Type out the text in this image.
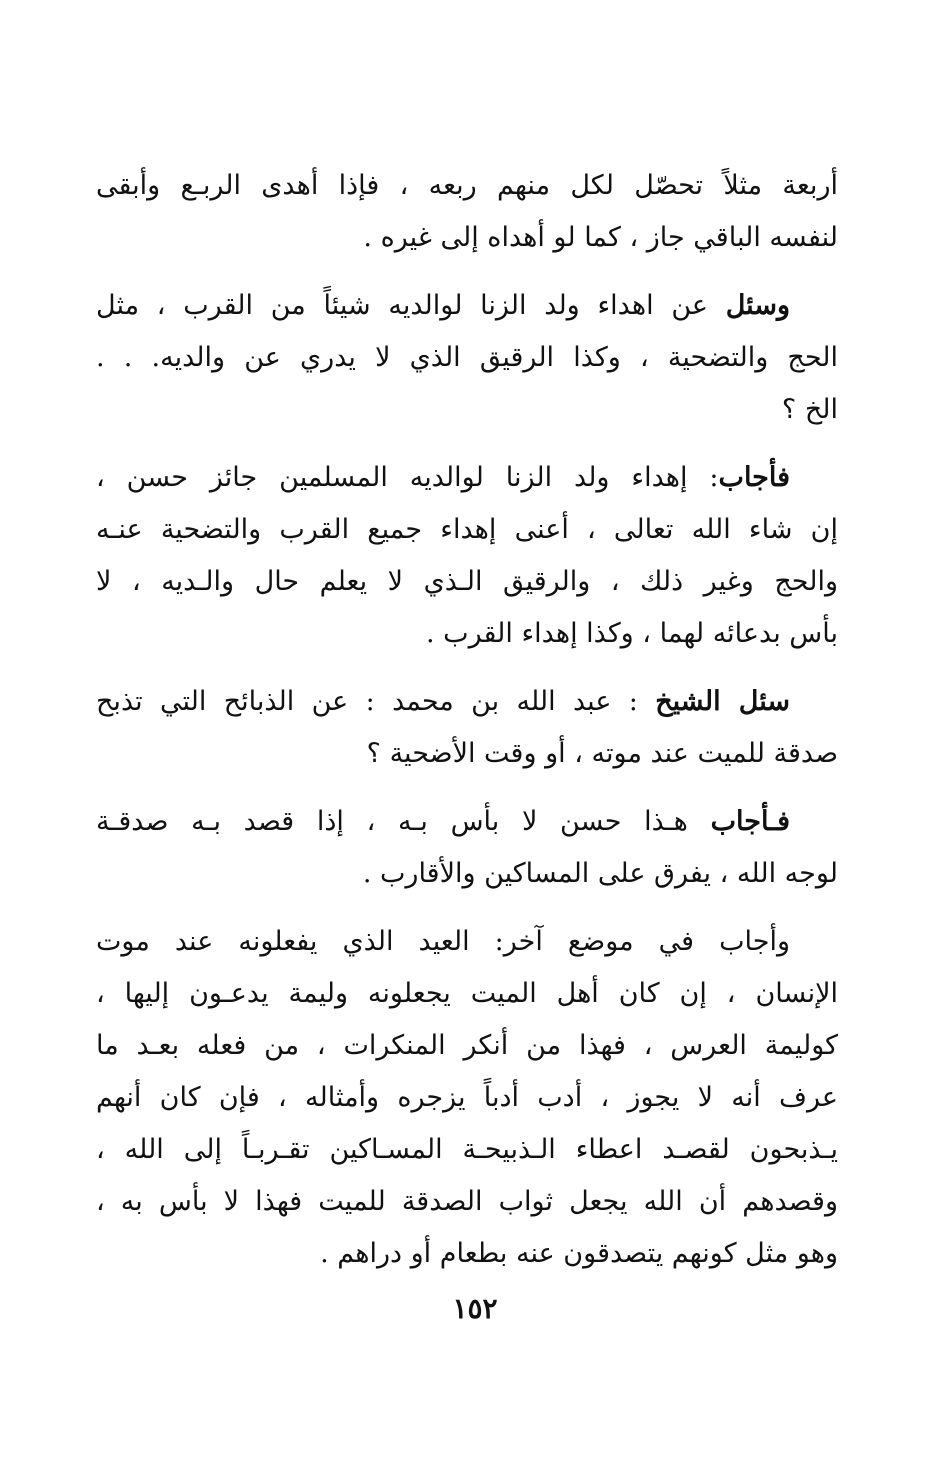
أربعة مثلاً تحصّل لكل منهم ربعه ، فإذا أهدى الربـع وأبقى
لنفسه الباقي جاز ، كما لو أهداه إلى غيره .

وسئل عن اهداء ولد الزنا لوالديه شيئاً من القرب ، مثل
الحج والتضحية ، وكذا الرقيق الذي لا يدري عن والديه. . .
الخ ؟

فأجاب: إهداء ولد الزنا لوالديه المسلمين جائز حسن ،
إن شاء الله تعالى ، أعنى إهداء جميع القرب والتضحية عنـه
والحج وغير ذلك ، والرقيق الـذي لا يعلم حال والـديه ، لا
بأس بدعائه لهما ، وكذا إهداء القرب .

سئل الشيخ : عبد الله بن محمد : عن الذبائح التي تذبح
صدقة للميت عند موته ، أو وقت الأضحية ؟

فـأجاب هـذا حسن لا بأس بـه ، إذا قصد بـه صدقـة
لوجه الله ، يفرق على المساكين والأقارب .

وأجاب في موضع آخر: العيد الذي يفعلونه عند موت
الإنسان ، إن كان أهل الميت يجعلونه وليمة يدعـون إليها ،
كوليمة العرس ، فهذا من أنكر المنكرات ، من فعله بعـد ما
عرف أنه لا يجوز ، أدب أدباً يزجره وأمثاله ، فإن كان أنهم
يـذبحون لقصـد اعطاء الـذبيحـة المسـاكين تقـربـاً إلى الله ،
وقصدهم أن الله يجعل ثواب الصدقة للميت فهذا لا بأس به ،
وهو مثل كونهم يتصدقون عنه بطعام أو دراهم .

١٥٢
